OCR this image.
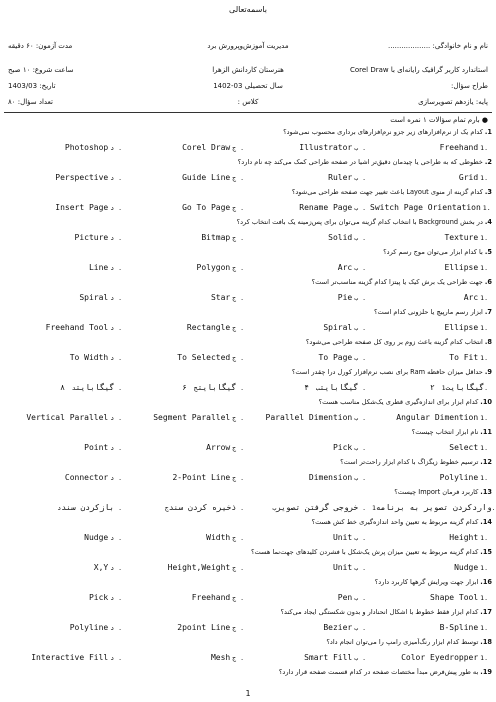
باسمه‌تعالی
نام و نام خانوادگی: ...................
مدیریت آموزش‌وپرورش برد
مدت آزمون: ۶۰ دقیقه
استاندارد کاربر گرافیک رایانه‌ای با Corel Draw
هنرستان کاردانش الزهرا
ساعت شروع: ۱۰ صبح
طراح سؤال:
سال تحصیلی 03-1402
تاریخ: 1403/03
پایه: یازدهم تصویرسازی
کلاس :
تعداد سؤال: ۸۰
● بارم تمام سؤالات ۱ نمره است
1.کدام یک از نرم‌افزارهای زیر جزو نرم‌افزارهای برداری محسوب نمی‌شود؟
Freehand 1.
Illustrator ب .
Corel Draw ج .
Photoshop د .
2.خطوطی که به طراحی یا چیدمان دقیق‌تر اشیا در صفحه طراحی کمک می‌کند چه نام دارد؟
Grid 1.
Ruler ب .
Guide Line ج .
Perspective د .
3.کدام گزینه از منوی Layout باعث تغییر جهت صفحه طراحی می‌شود؟
Switch Page Orientation 1.
Rename Page ب .
Go To Page ج .
Insert Page د .
4.در بخش Background با انتخاب کدام گزینه می‌توان برای پس‌زمینه یک بافت انتخاب کرد؟
Texture 1.
Solid ب .
Bitmap ج .
Picture د .
5.با کدام ابزار می‌توان موج رسم کرد؟
Ellipse 1.
Arc ب .
Polygon ج .
Line د .
6.جهت طراحی یک برش کیک یا پیتزا کدام گزینه مناسب‌تر است؟
Arc 1.
Pie ب .
Star ج .
Spiral د .
7.ابزار رسم مارپیچ یا حلزونی کدام است؟
Ellipse 1.
Spiral ب .
Rectangle ج .
Freehand Tool د .
8.انتخاب کدام گزینه باعث زوم بر روی کل صفحه طراحی می‌شود؟
To Fit 1.
To Page ب .
To Selected ج .
To Width د .
9.حداقل میزان حافظه Ram برای نصب نرم‌افزار کورل درا چقدر است؟
۲ گیگابایت1.
۴ گیگابایتب .
۶ گیگابایتج .
۸ گیگابایتد .
10.کدام ابزار برای اندازه‌گیری قطری یک‌شکل مناسب هست؟
Angular Dimention 1.
Parallel Dimention ب .
Segment Parallel ج .
Vertical Parallel د .
11.نام ابزار انتخاب چیست؟
Select 1.
Pick ب .
Arrow ج .
Point د .
12.ترسیم خطوط زیگزاگ با کدام ابزار راحت‌تر است؟
Polyline 1.
Dimension ب .
2-Point Line ج .
Connector د .
13.کاربرد فرمان Import چیست؟
واردکردن تصویر به برنامه1.
خروجی گرفتن تصویرب .
ذخیره کردن سندج .
بازکردن سندد .
14.کدام گزینه مربوط به تعیین واحد اندازه‌گیری خط کش هست؟
Height 1.
Unit ب .
Width ج .
Nudge د .
15.کدام گزینه مربوط به تعیین میزان پرش یک‌شکل با فشردن کلیدهای جهت‌نما هست؟
Nudge 1.
Unit ب .
Height,Weight ج .
X,Y د .
16.ابزار جهت ویرایش گرهها کاربرد دارد؟
Shape Tool 1.
Pen ب .
Freehand ج .
Pick د .
17.کدام ابزار فقط خطوط با اشکال انحنادار و بدون شکستگی ایجاد می‌کند؟
B-Spline 1.
Bezier ب .
2point Line ج .
Polyline د .
18.توسط کدام ابزار رنگ‌آمیزی رامپ را می‌توان انجام داد؟
Color Eyedropper 1.
Smart Fill ب .
Mesh ج .
Interactive Fill د .
19.به طور پیش‌فرض مبدأ مختصات صفحه در کدام قسمت صفحه قرار دارد؟
1
